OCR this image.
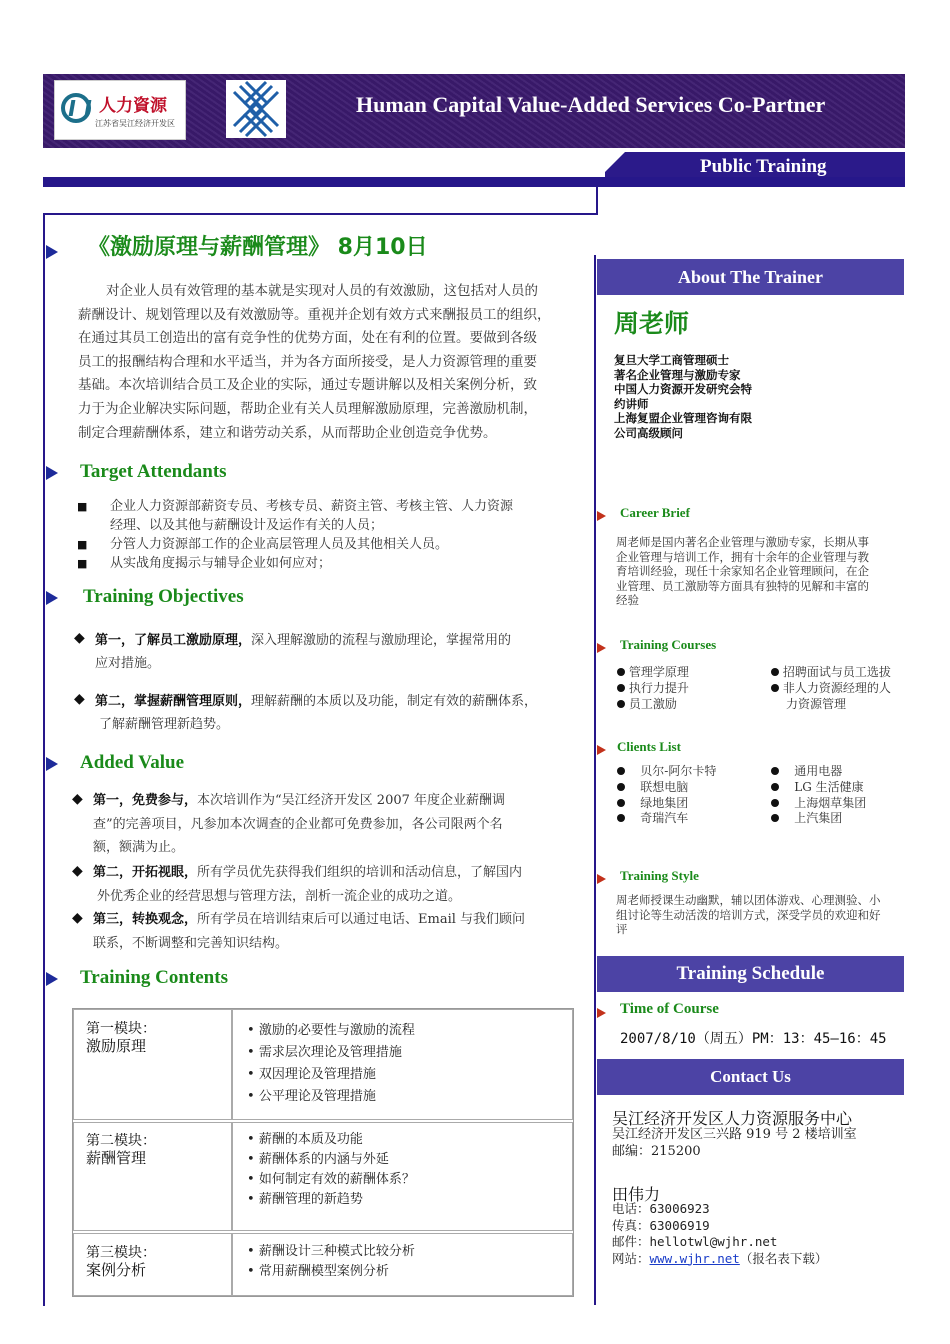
人力資源
江苏省吴江经济开发区
Human Capital Value-Added Services Co-Partner
Public Training
《激励原理与薪酬管理》 8月10日
对企业人员有效管理的基本就是实现对人员的有效激励，这包括对人员的
薪酬设计、规划管理以及有效激励等。重视并企划有效方式来酬报员工的组织，
在通过其员工创造出的富有竞争性的优势方面，处在有利的位置。要做到各级
员工的报酬结构合理和水平适当，并为各方面所接受，是人力资源管理的重要
基础。本次培训结合员工及企业的实际，通过专题讲解以及相关案例分析，致
力于为企业解决实际问题，帮助企业有关人员理解激励原理，完善激励机制，
制定合理薪酬体系，建立和谐劳动关系，从而帮助企业创造竞争优势。
Target Attendants
■ 企业人力资源部薪资专员、考核专员、薪资主管、考核主管、人力资源
经理、以及其他与薪酬设计及运作有关的人员；
■ 分管人力资源部工作的企业高层管理人员及其他相关人员。
■ 从实战角度揭示与辅导企业如何应对；
Training Objectives
◆ 第一，了解员工激励原理，深入理解激励的流程与激励理论，掌握常用的
应对措施。
◆ 第二，掌握薪酬管理原则，理解薪酬的本质以及功能，制定有效的薪酬体系，
了解薪酬管理新趋势。
Added Value
◆ 第一，免费参与，本次培训作为“吴江经济开发区 2007 年度企业薪酬调
查”的完善项目，凡参加本次调查的企业都可免费参加，各公司限两个名
额，额满为止。
◆ 第二，开拓视眼，所有学员优先获得我们组织的培训和活动信息，了解国内
外优秀企业的经营思想与管理方法，剖析一流企业的成功之道。
◆ 第三，转换观念，所有学员在培训结束后可以通过电话、Email 与我们顾问
联系，不断调整和完善知识结构。
Training Contents
第一模块：
激励原理
• 激励的必要性与激励的流程
• 需求层次理论及管理措施
• 双因理论及管理措施
• 公平理论及管理措施
第二模块：
薪酬管理
• 薪酬的本质及功能
• 薪酬体系的内涵与外延
• 如何制定有效的薪酬体系？
• 薪酬管理的新趋势
第三模块：
案例分析
• 薪酬设计三种模式比较分析
• 常用薪酬模型案例分析
About The Trainer
周老师
复旦大学工商管理硕士
著名企业管理与激励专家
中国人力资源开发研究会特
约讲师
上海复盟企业管理咨询有限
公司高级顾问
Career Brief
周老师是国内著名企业管理与激励专家，长期从事
企业管理与培训工作，拥有十余年的企业管理与教
育培训经验，现任十余家知名企业管理顾问，在企
业管理、员工激励等方面具有独特的见解和丰富的
经验
Training Courses
管理学原理
执行力提升
员工激励
招聘面试与员工选拔
非人力资源经理的人
力资源管理
Clients List
贝尔-阿尔卡特
联想电脑
绿地集团
奇瑞汽车
通用电器
LG 生活健康
上海烟草集团
上汽集团
Training Style
周老师授课生动幽默，辅以团体游戏、心理测验、小
组讨论等生动活泼的培训方式，深受学员的欢迎和好
评
Training Schedule
Time of Course
2007/8/10（周五）PM：13：45—16：45
Contact Us
吴江经济开发区人力资源服务中心
吴江经济开发区三兴路 919 号 2 楼培训室
邮编：215200
田伟力
电话：63006923
传真：63006919
邮件：hellotwl@wjhr.net
网站：www.wjhr.net（报名表下载）
